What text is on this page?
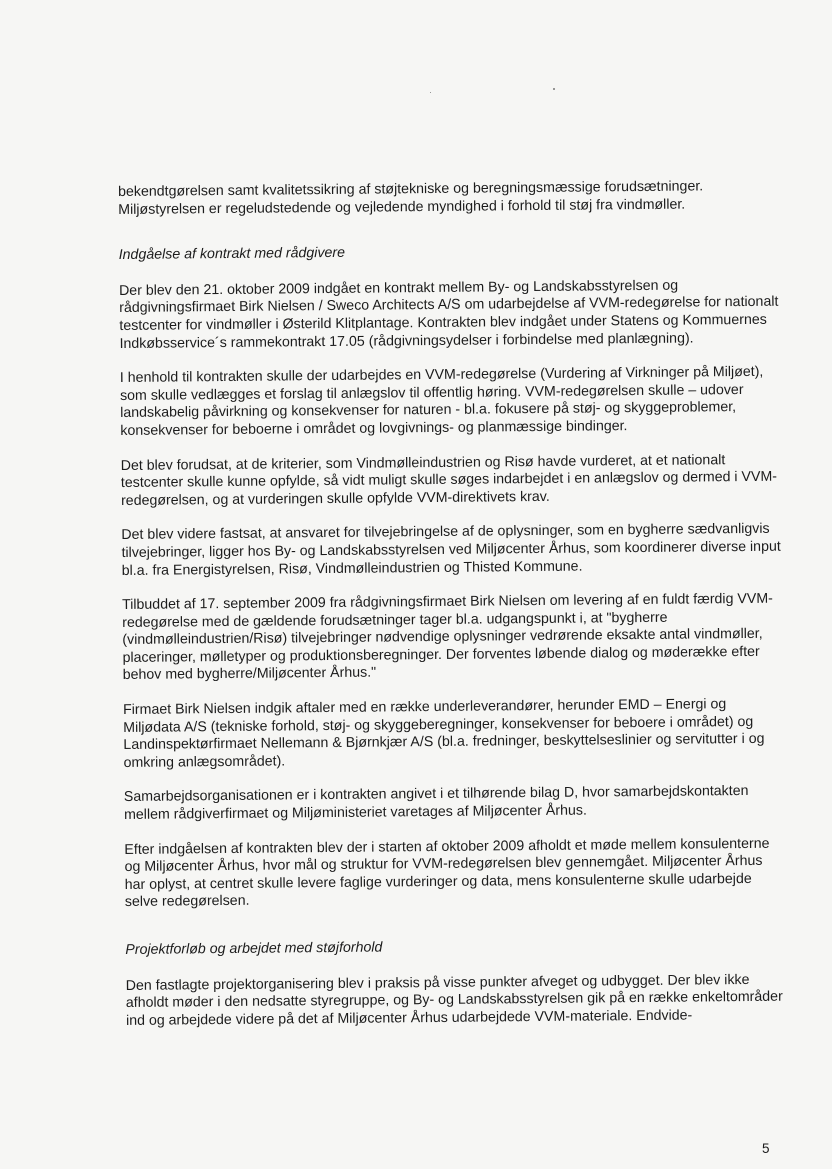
bekendtgørelsen samt kvalitetssikring af støjtekniske og beregningsmæssige forudsætninger. Miljøstyrelsen er regeludstedende og vejledende myndighed i forhold til støj fra vindmøller.

Indgåelse af kontrakt med rådgivere

Der blev den 21. oktober 2009 indgået en kontrakt mellem By- og Landskabsstyrelsen og rådgivningsfirmaet Birk Nielsen / Sweco Architects A/S om udarbejdelse af VVM-redegørelse for nationalt testcenter for vindmøller i Østerild Klitplantage. Kontrakten blev indgået under Statens og Kommuernes Indkøbsservice´s rammekontrakt 17.05 (rådgivningsydelser i forbindelse med planlægning).

I henhold til kontrakten skulle der udarbejdes en VVM-redegørelse (Vurdering af Virkninger på Miljøet), som skulle vedlægges et forslag til anlægslov til offentlig høring. VVM-redegørelsen skulle – udover landskabelig påvirkning og konsekvenser for naturen - bl.a. fokusere på støj- og skyggeproblemer, konsekvenser for beboerne i området og lovgivnings- og planmæssige bindinger.

Det blev forudsat, at de kriterier, som Vindmølleindustrien og Risø havde vurderet, at et nationalt testcenter skulle kunne opfylde, så vidt muligt skulle søges indarbejdet i en anlægslov og dermed i VVM-redegørelsen, og at vurderingen skulle opfylde VVM-direktivets krav.

Det blev videre fastsat, at ansvaret for tilvejebringelse af de oplysninger, som en bygherre sædvanligvis tilvejebringer, ligger hos By- og Landskabsstyrelsen ved Miljøcenter Århus, som koordinerer diverse input bl.a. fra Energistyrelsen, Risø, Vindmølleindustrien og Thisted Kommune.

Tilbuddet af 17. september 2009 fra rådgivningsfirmaet Birk Nielsen om levering af en fuldt færdig VVM-redegørelse med de gældende forudsætninger tager bl.a. udgangspunkt i, at "bygherre (vindmølleindustrien/Risø) tilvejebringer nødvendige oplysninger vedrørende eksakte antal vindmøller, placeringer, mølletyper og produktionsberegninger. Der forventes løbende dialog og møderække efter behov med bygherre/Miljøcenter Århus."

Firmaet Birk Nielsen indgik aftaler med en række underleverandører, herunder EMD – Energi og Miljødata A/S (tekniske forhold, støj- og skyggeberegninger, konsekvenser for beboere i området) og Landinspektørfirmaet Nellemann & Bjørnkjær A/S (bl.a. fredninger, beskyttelseslinier og servitutter i og omkring anlægsområdet).

Samarbejdsorganisationen er i kontrakten angivet i et tilhørende bilag D, hvor samarbejdskontakten mellem rådgiverfirmaet og Miljøministeriet varetages af Miljøcenter Århus.

Efter indgåelsen af kontrakten blev der i starten af oktober 2009 afholdt et møde mellem konsulenterne og Miljøcenter Århus, hvor mål og struktur for VVM-redegørelsen blev gennemgået. Miljøcenter Århus har oplyst, at centret skulle levere faglige vurderinger og data, mens konsulenterne skulle udarbejde selve redegørelsen.

Projektforløb og arbejdet med støjforhold

Den fastlagte projektorganisering blev i praksis på visse punkter afveget og udbygget. Der blev ikke afholdt møder i den nedsatte styregruppe, og By- og Landskabsstyrelsen gik på en række enkeltområder ind og arbejdede videre på det af Miljøcenter Århus udarbejdede VVM-materiale. Endvide-

5
